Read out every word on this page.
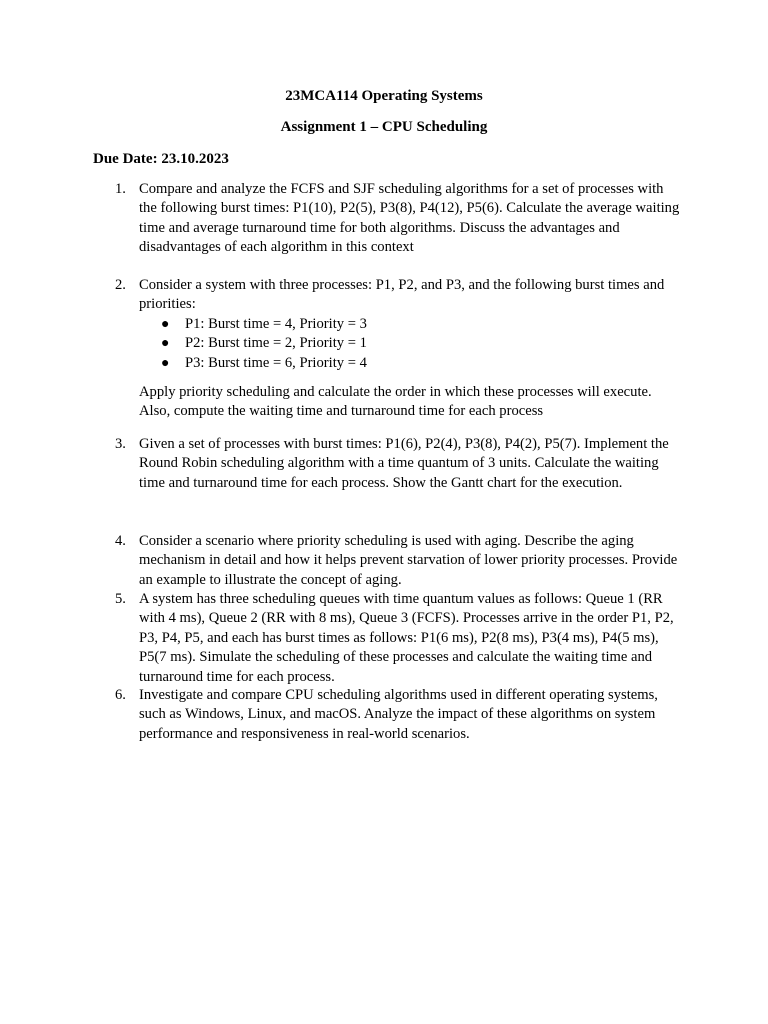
23MCA114 Operating Systems
Assignment 1 – CPU Scheduling
Due Date: 23.10.2023
1. Compare and analyze the FCFS and SJF scheduling algorithms for a set of processes with the following burst times: P1(10), P2(5), P3(8), P4(12), P5(6). Calculate the average waiting time and average turnaround time for both algorithms. Discuss the advantages and disadvantages of each algorithm in this context

2. Consider a system with three processes: P1, P2, and P3, and the following burst times and priorities:

● P1: Burst time = 4, Priority = 3
● P2: Burst time = 2, Priority = 1
● P3: Burst time = 6, Priority = 4

Apply priority scheduling and calculate the order in which these processes will execute. Also, compute the waiting time and turnaround time for each process

3. Given a set of processes with burst times: P1(6), P2(4), P3(8), P4(2), P5(7). Implement the Round Robin scheduling algorithm with a time quantum of 3 units. Calculate the waiting time and turnaround time for each process. Show the Gantt chart for the execution.

4. Consider a scenario where priority scheduling is used with aging. Describe the aging mechanism in detail and how it helps prevent starvation of lower priority processes. Provide an example to illustrate the concept of aging.

5. A system has three scheduling queues with time quantum values as follows: Queue 1 (RR with 4 ms), Queue 2 (RR with 8 ms), Queue 3 (FCFS). Processes arrive in the order P1, P2, P3, P4, P5, and each has burst times as follows: P1(6 ms), P2(8 ms), P3(4 ms), P4(5 ms), P5(7 ms). Simulate the scheduling of these processes and calculate the waiting time and turnaround time for each process.

6. Investigate and compare CPU scheduling algorithms used in different operating systems, such as Windows, Linux, and macOS. Analyze the impact of these algorithms on system performance and responsiveness in real-world scenarios.
